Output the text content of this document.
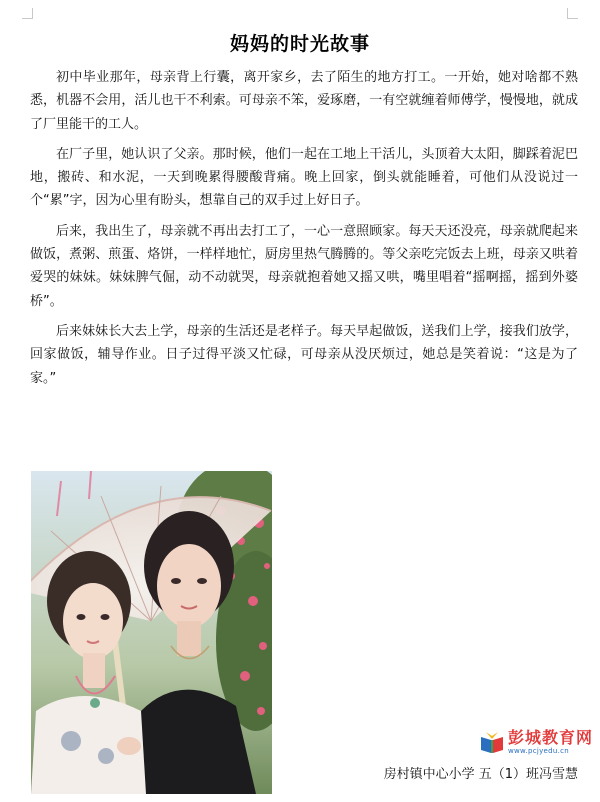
妈妈的时光故事

初中毕业那年，母亲背上行囊，离开家乡，去了陌生的地方打工。一开始，她对啥都不熟悉，机器不会用，活儿也干不利索。可母亲不笨，爱琢磨，一有空就缠着师傅学，慢慢地，就成了厂里能干的工人。

在厂子里，她认识了父亲。那时候，他们一起在工地上干活儿，头顶着大太阳，脚踩着泥巴地，搬砖、和水泥，一天到晚累得腰酸背痛。晚上回家，倒头就能睡着，可他们从没说过一个“累”字，因为心里有盼头，想靠自己的双手过上好日子。

后来，我出生了，母亲就不再出去打工了，一心一意照顾家。每天天还没亮，母亲就爬起来做饭，煮粥、煎蛋、烙饼，一样样地忙，厨房里热气腾腾的。等父亲吃完饭去上班，母亲又哄着爱哭的妹妹。妹妹脾气倔，动不动就哭，母亲就抱着她又摇又哄，嘴里唱着“摇啊摇，摇到外婆桥”。

后来妹妹长大去上学，母亲的生活还是老样子。每天早起做饭，送我们上学，接我们放学，回家做饭，辅导作业。日子过得平淡又忙碌，可母亲从没厌烦过，她总是笑着说：“这是为了家。”

彭城教育网
www.pcjyedu.cn
房村镇中心小学 五（1）班冯雪慧
